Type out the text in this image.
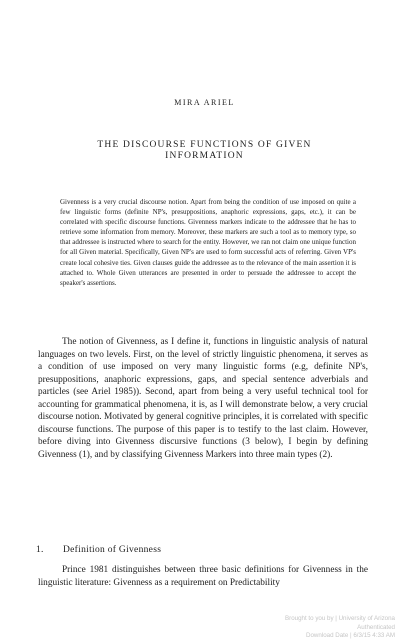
MIRA ARIEL
THE DISCOURSE FUNCTIONS OF GIVEN
INFORMATION
Givenness is a very crucial discourse notion. Apart from being the condition of use imposed on quite a few linguistic forms (definite NP's, presuppositions, anaphoric expressions, gaps, etc.), it can be correlated with specific discourse functions. Givenness markers indicate to the addressee that he has to retrieve some information from memory. Moreover, these markers are such a tool as to memory type, so that addressee is instructed where to search for the entity. However, we ran not claim one unique function for all Given material. Specifically, Given NP's are used to form successful acts of referring. Given VP's create local cohesive ties. Given clauses guide the addressee as to the relevance of the main assertion it is attached to. Whole Given utterances are presented in order to persuade the addressee to accept the speaker's assertions.
The notion of Givenness, as I define it, functions in linguistic analysis of natural languages on two levels. First, on the level of strictly linguistic phenomena, it serves as a condition of use imposed on very many linguistic forms (e.g, definite NP's, presuppositions, anaphoric expressions, gaps, and special sentence adverbials and particles (see Ariel 1985)). Second, apart from being a very useful technical tool for accounting for grammatical phenomena, it is, as I will demonstrate below, a very crucial discourse notion. Motivated by general cognitive principles, it is correlated with specific discourse functions. The purpose of this paper is to testify to the last claim. However, before diving into Givenness discursive functions (3 below), I begin by defining Givenness (1), and by classifying Givenness Markers into three main types (2).
1. Definition of Givenness
Prince 1981 distinguishes between three basic definitions for Givenness in the linguistic literature: Givenness as a requirement on Predictability
Brought to you by | University of Arizona
Authenticated
Download Date | 6/3/15 4:33 AM
